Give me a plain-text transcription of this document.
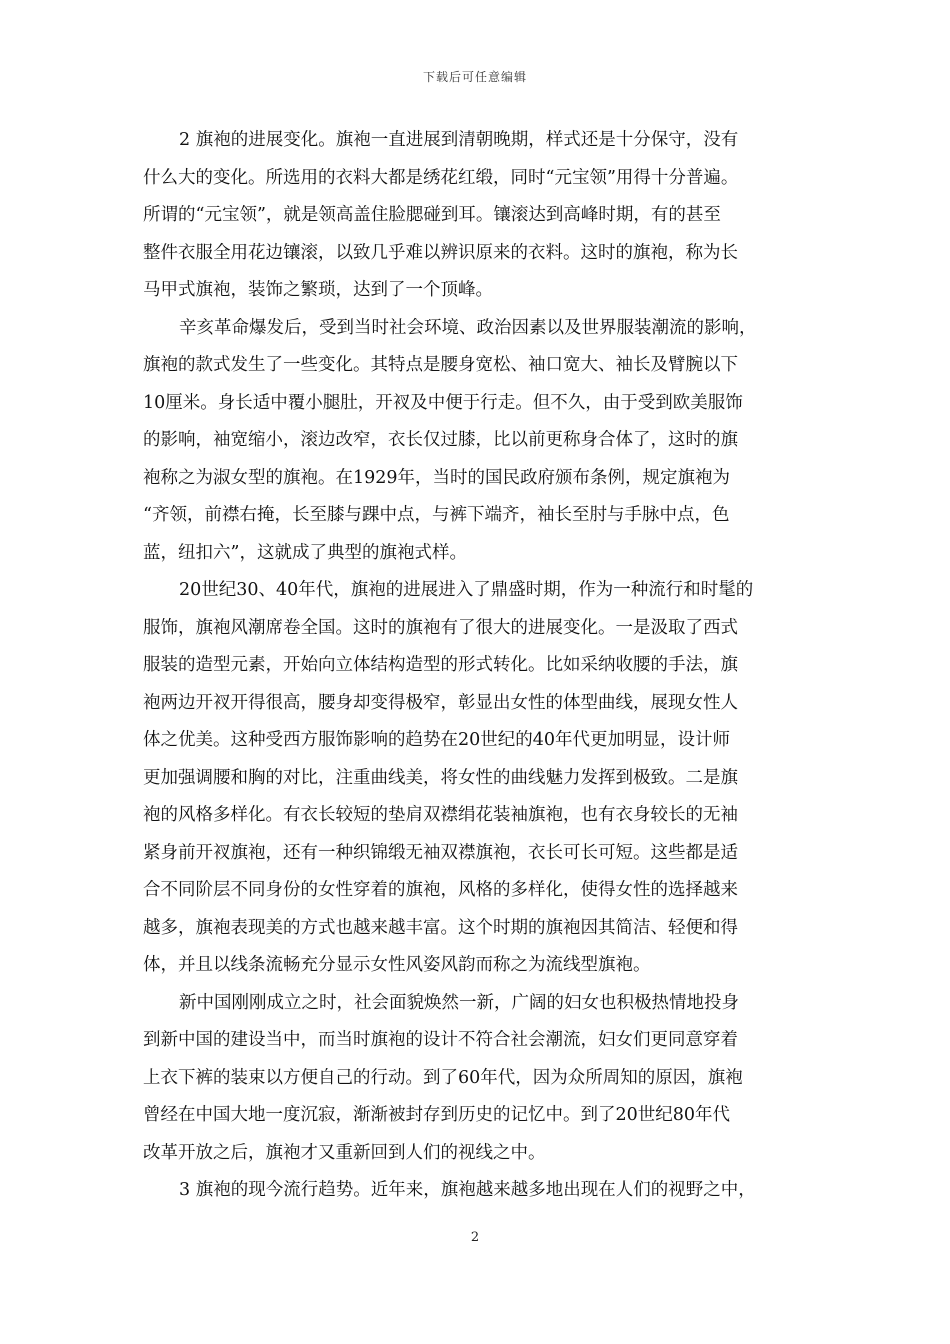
下载后可任意编辑
2 旗袍的进展变化。旗袍一直进展到清朝晚期，样式还是十分保守，没有
什么大的变化。所选用的衣料大都是绣花红缎，同时“元宝领”用得十分普遍。
所谓的“元宝领”，就是领高盖住脸腮碰到耳。镶滚达到高峰时期，有的甚至
整件衣服全用花边镶滚，以致几乎难以辨识原来的衣料。这时的旗袍，称为长
马甲式旗袍，装饰之繁琐，达到了一个顶峰。
辛亥革命爆发后，受到当时社会环境、政治因素以及世界服装潮流的影响，
旗袍的款式发生了一些变化。其特点是腰身宽松、袖口宽大、袖长及臂腕以下
10厘米。身长适中覆小腿肚，开衩及中便于行走。但不久，由于受到欧美服饰
的影响，袖宽缩小，滚边改窄，衣长仅过膝，比以前更称身合体了，这时的旗
袍称之为淑女型的旗袍。在1929年，当时的国民政府颁布条例，规定旗袍为
“齐领，前襟右掩，长至膝与踝中点，与裤下端齐，袖长至肘与手脉中点，色
蓝，纽扣六”，这就成了典型的旗袍式样。
20世纪30、40年代，旗袍的进展进入了鼎盛时期，作为一种流行和时髦的
服饰，旗袍风潮席卷全国。这时的旗袍有了很大的进展变化。一是汲取了西式
服装的造型元素，开始向立体结构造型的形式转化。比如采纳收腰的手法，旗
袍两边开衩开得很高，腰身却变得极窄，彰显出女性的体型曲线，展现女性人
体之优美。这种受西方服饰影响的趋势在20世纪的40年代更加明显，设计师
更加强调腰和胸的对比，注重曲线美，将女性的曲线魅力发挥到极致。二是旗
袍的风格多样化。有衣长较短的垫肩双襟绢花装袖旗袍，也有衣身较长的无袖
紧身前开衩旗袍，还有一种织锦缎无袖双襟旗袍，衣长可长可短。这些都是适
合不同阶层不同身份的女性穿着的旗袍，风格的多样化，使得女性的选择越来
越多，旗袍表现美的方式也越来越丰富。这个时期的旗袍因其简洁、轻便和得
体，并且以线条流畅充分显示女性风姿风韵而称之为流线型旗袍。
新中国刚刚成立之时，社会面貌焕然一新，广阔的妇女也积极热情地投身
到新中国的建设当中，而当时旗袍的设计不符合社会潮流，妇女们更同意穿着
上衣下裤的装束以方便自己的行动。到了60年代，因为众所周知的原因，旗袍
曾经在中国大地一度沉寂，渐渐被封存到历史的记忆中。到了20世纪80年代
改革开放之后，旗袍才又重新回到人们的视线之中。
3 旗袍的现今流行趋势。近年来，旗袍越来越多地出现在人们的视野之中，
2
